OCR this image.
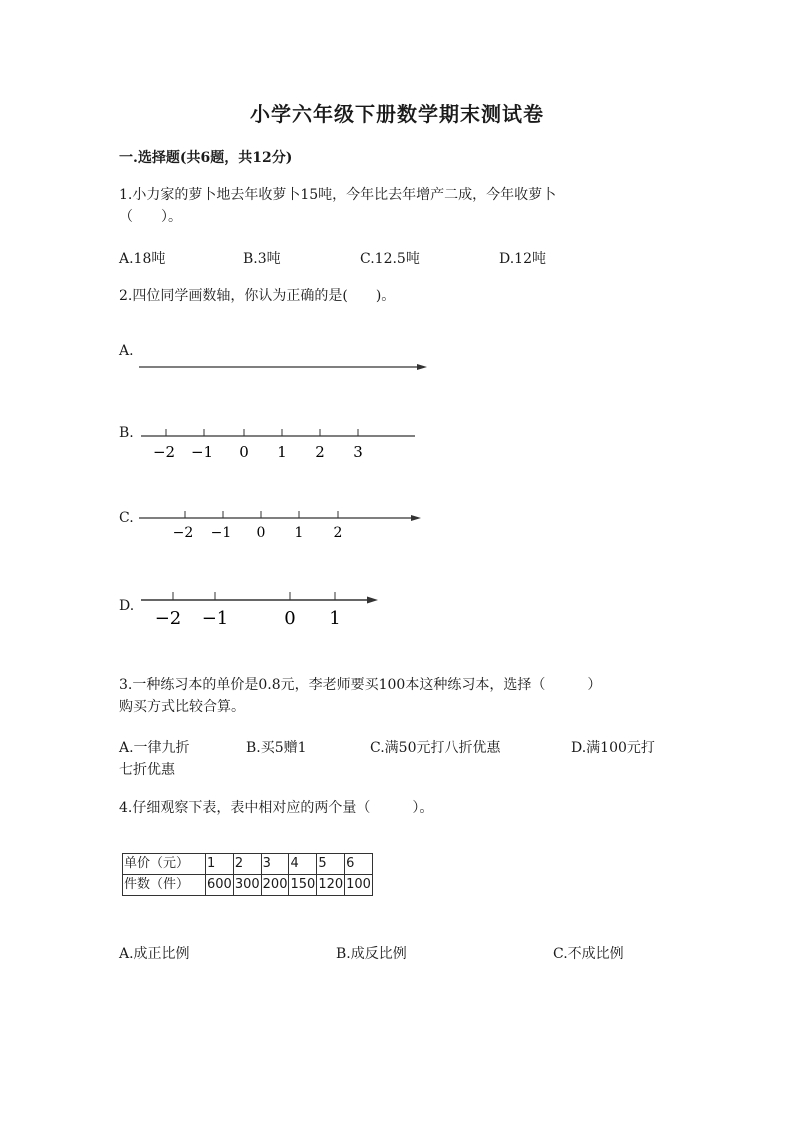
小学六年级下册数学期末测试卷
一.选择题(共6题，共12分)
1.小力家的萝卜地去年收萝卜15吨，今年比去年增产二成，今年收萝卜
（　　）。
A.18吨	B.3吨	C.12.5吨	D.12吨
2.四位同学画数轴，你认为正确的是(　　)。
A.
B.
−2 −1 0 1 2 3
C.
−2 −1 0 1 2
D.
−2 −1	0 1
3.一种练习本的单价是0.8元，李老师要买100本这种练习本，选择（　　　）
购买方式比较合算。
A.一律九折	B.买5赠1	C.满50元打八折优惠	D.满100元打
七折优惠
4.仔细观察下表，表中相对应的两个量（　　　）。
单价（元）	1	2	3	4	5	6
件数（件）	600	300	200	150	120	100
A.成正比例	B.成反比例	C.不成比例
